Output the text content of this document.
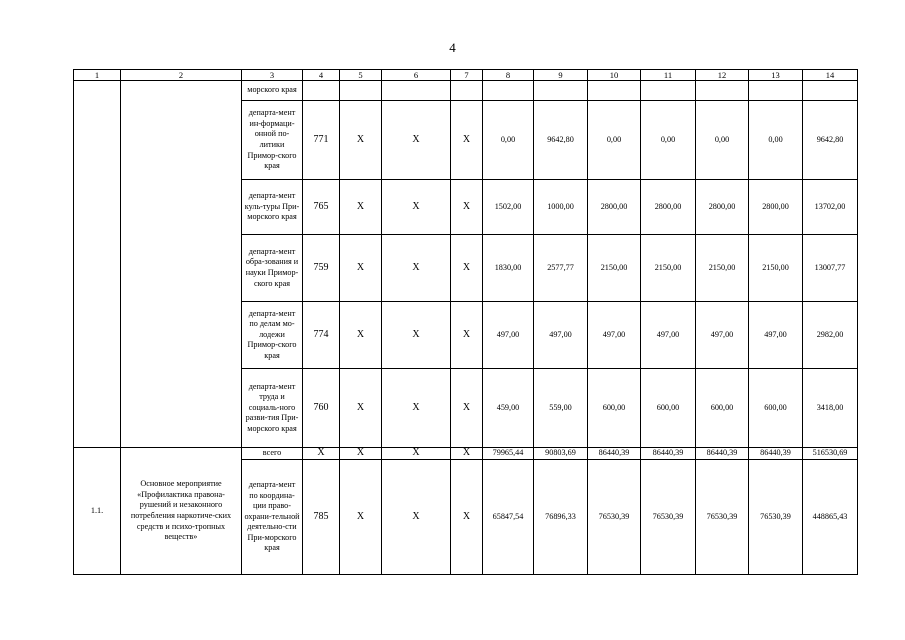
4
1	2	3	4	5	6	7	8	9	10	11	12	13	14
		морского края											
		департа-мент ин-формаци-онной по-литики Примор-ского края	771	X	X	X	0,00	9642,80	0,00	0,00	0,00	0,00	9642,80
		департа-мент куль-туры При-морского края	765	X	X	X	1502,00	1000,00	2800,00	2800,00	2800,00	2800,00	13702,00
		департа-мент обра-зования и науки Примор-ского края	759	X	X	X	1830,00	2577,77	2150,00	2150,00	2150,00	2150,00	13007,77
		департа-мент по делам мо-лодежи Примор-ского края	774	X	X	X	497,00	497,00	497,00	497,00	497,00	497,00	2982,00
		департа-мент труда и социаль-ного разви-тия При-морского края	760	X	X	X	459,00	559,00	600,00	600,00	600,00	600,00	3418,00
1.1.	Основное мероприятие «Профилактика правона-рушений и незаконного потребления наркотиче-ских средств и психо-тропных веществ»	всего	X	X	X	X	79965,44	90803,69	86440,39	86440,39	86440,39	86440,39	516530,69
		департа-мент по координа-ции право-охрани-тельной деятельно-сти При-морского края	785	X	X	X	65847,54	76896,33	76530,39	76530,39	76530,39	76530,39	448865,43
